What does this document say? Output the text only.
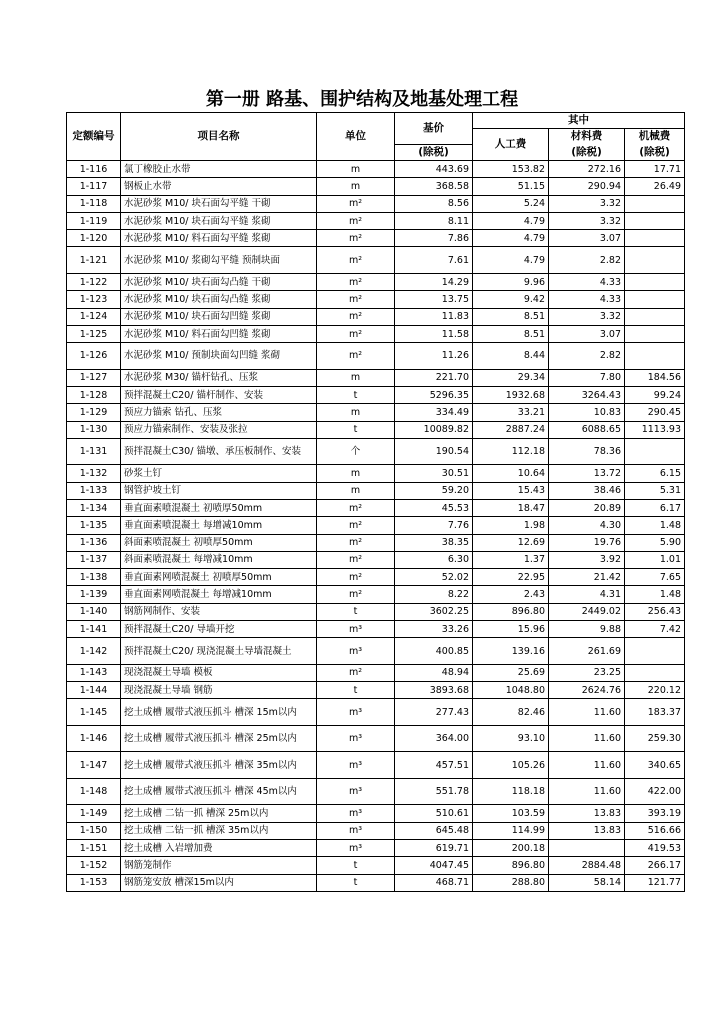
第一册 路基、围护结构及地基处理工程
定额编号	项目名称	单位	基价	其中		
				人工费	材料费	机械费
			(除税)		(除税)	(除税)
1-116	氯丁橡胶止水带	m	443.69	153.82	272.16	17.71
1-117	钢板止水带	m	368.58	51.15	290.94	26.49
1-118	水泥砂浆 M10/ 块石面勾平缝 干砌	m²	8.56	5.24	3.32	
1-119	水泥砂浆 M10/ 块石面勾平缝 浆砌	m²	8.11	4.79	3.32	
1-120	水泥砂浆 M10/ 料石面勾平缝 浆砌	m²	7.86	4.79	3.07	
1-121	水泥砂浆 M10/ 浆砌勾平缝 预制块面	m²	7.61	4.79	2.82	
1-122	水泥砂浆 M10/ 块石面勾凸缝 干砌	m²	14.29	9.96	4.33	
1-123	水泥砂浆 M10/ 块石面勾凸缝 浆砌	m²	13.75	9.42	4.33	
1-124	水泥砂浆 M10/ 块石面勾凹缝 浆砌	m²	11.83	8.51	3.32	
1-125	水泥砂浆 M10/ 料石面勾凹缝 浆砌	m²	11.58	8.51	3.07	
1-126	水泥砂浆 M10/ 预制块面勾凹缝 浆砌	m²	11.26	8.44	2.82	
1-127	水泥砂浆 M30/ 锚杆钻孔、压浆	m	221.70	29.34	7.80	184.56
1-128	预拌混凝土C20/ 锚杆制作、安装	t	5296.35	1932.68	3264.43	99.24
1-129	预应力锚索 钻孔、压浆	m	334.49	33.21	10.83	290.45
1-130	预应力锚索制作、安装及张拉	t	10089.82	2887.24	6088.65	1113.93
1-131	预拌混凝土C30/ 锚墩、承压板制作、安装	个	190.54	112.18	78.36	
1-132	砂浆土钉	m	30.51	10.64	13.72	6.15
1-133	钢管护坡土钉	m	59.20	15.43	38.46	5.31
1-134	垂直面素喷混凝土 初喷厚50mm	m²	45.53	18.47	20.89	6.17
1-135	垂直面素喷混凝土 每增减10mm	m²	7.76	1.98	4.30	1.48
1-136	斜面素喷混凝土 初喷厚50mm	m²	38.35	12.69	19.76	5.90
1-137	斜面素喷混凝土 每增减10mm	m²	6.30	1.37	3.92	1.01
1-138	垂直面素网喷混凝土 初喷厚50mm	m²	52.02	22.95	21.42	7.65
1-139	垂直面素网喷混凝土 每增减10mm	m²	8.22	2.43	4.31	1.48
1-140	钢筋网制作、安装	t	3602.25	896.80	2449.02	256.43
1-141	预拌混凝土C20/ 导墙开挖	m³	33.26	15.96	9.88	7.42
1-142	预拌混凝土C20/ 现浇混凝土导墙混凝土	m³	400.85	139.16	261.69	
1-143	现浇混凝土导墙 模板	m²	48.94	25.69	23.25	
1-144	现浇混凝土导墙 钢筋	t	3893.68	1048.80	2624.76	220.12
1-145	挖土成槽 履带式液压抓斗 槽深 15m以内	m³	277.43	82.46	11.60	183.37
1-146	挖土成槽 履带式液压抓斗 槽深 25m以内	m³	364.00	93.10	11.60	259.30
1-147	挖土成槽 履带式液压抓斗 槽深 35m以内	m³	457.51	105.26	11.60	340.65
1-148	挖土成槽 履带式液压抓斗 槽深 45m以内	m³	551.78	118.18	11.60	422.00
1-149	挖土成槽 二钻一抓 槽深 25m以内	m³	510.61	103.59	13.83	393.19
1-150	挖土成槽 二钻一抓 槽深 35m以内	m³	645.48	114.99	13.83	516.66
1-151	挖土成槽 入岩增加费	m³	619.71	200.18		419.53
1-152	钢筋笼制作	t	4047.45	896.80	2884.48	266.17
1-153	钢筋笼安放 槽深15m以内	t	468.71	288.80	58.14	121.77
